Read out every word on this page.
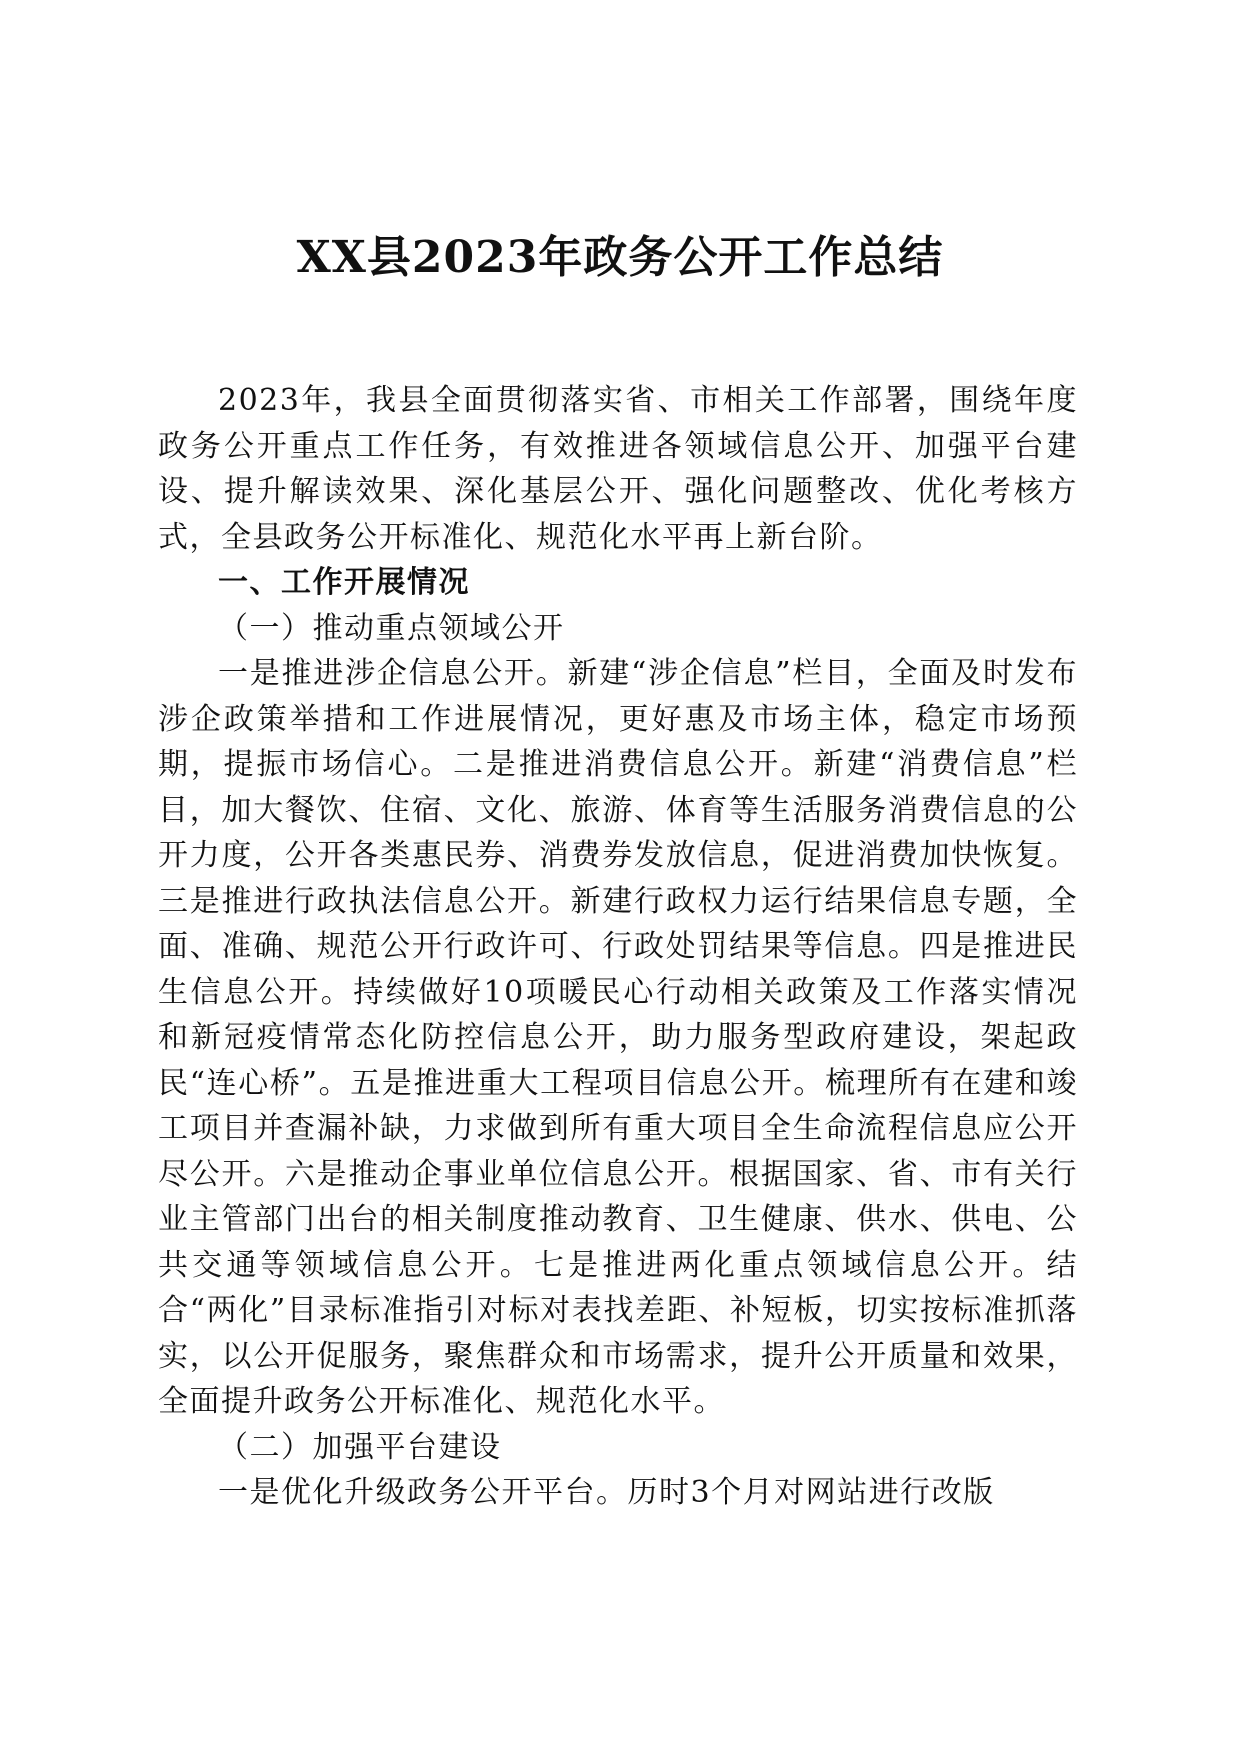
XX县2023年政务公开工作总结

2023年，我县全面贯彻落实省、市相关工作部署，围绕年度政务公开重点工作任务，有效推进各领域信息公开、加强平台建设、提升解读效果、深化基层公开、强化问题整改、优化考核方式，全县政务公开标准化、规范化水平再上新台阶。

一、工作开展情况

（一）推动重点领域公开

一是推进涉企信息公开。新建“涉企信息”栏目，全面及时发布涉企政策举措和工作进展情况，更好惠及市场主体，稳定市场预期，提振市场信心。二是推进消费信息公开。新建“消费信息”栏目，加大餐饮、住宿、文化、旅游、体育等生活服务消费信息的公开力度，公开各类惠民券、消费券发放信息，促进消费加快恢复。三是推进行政执法信息公开。新建行政权力运行结果信息专题，全面、准确、规范公开行政许可、行政处罚结果等信息。四是推进民生信息公开。持续做好10项暖民心行动相关政策及工作落实情况和新冠疫情常态化防控信息公开，助力服务型政府建设，架起政民“连心桥”。五是推进重大工程项目信息公开。梳理所有在建和竣工项目并查漏补缺，力求做到所有重大项目全生命流程信息应公开尽公开。六是推动企事业单位信息公开。根据国家、省、市有关行业主管部门出台的相关制度推动教育、卫生健康、供水、供电、公共交通等领域信息公开。七是推进两化重点领域信息公开。结合“两化”目录标准指引对标对表找差距、补短板，切实按标准抓落实，以公开促服务，聚焦群众和市场需求，提升公开质量和效果，全面提升政务公开标准化、规范化水平。

（二）加强平台建设

一是优化升级政务公开平台。历时3个月对网站进行改版
